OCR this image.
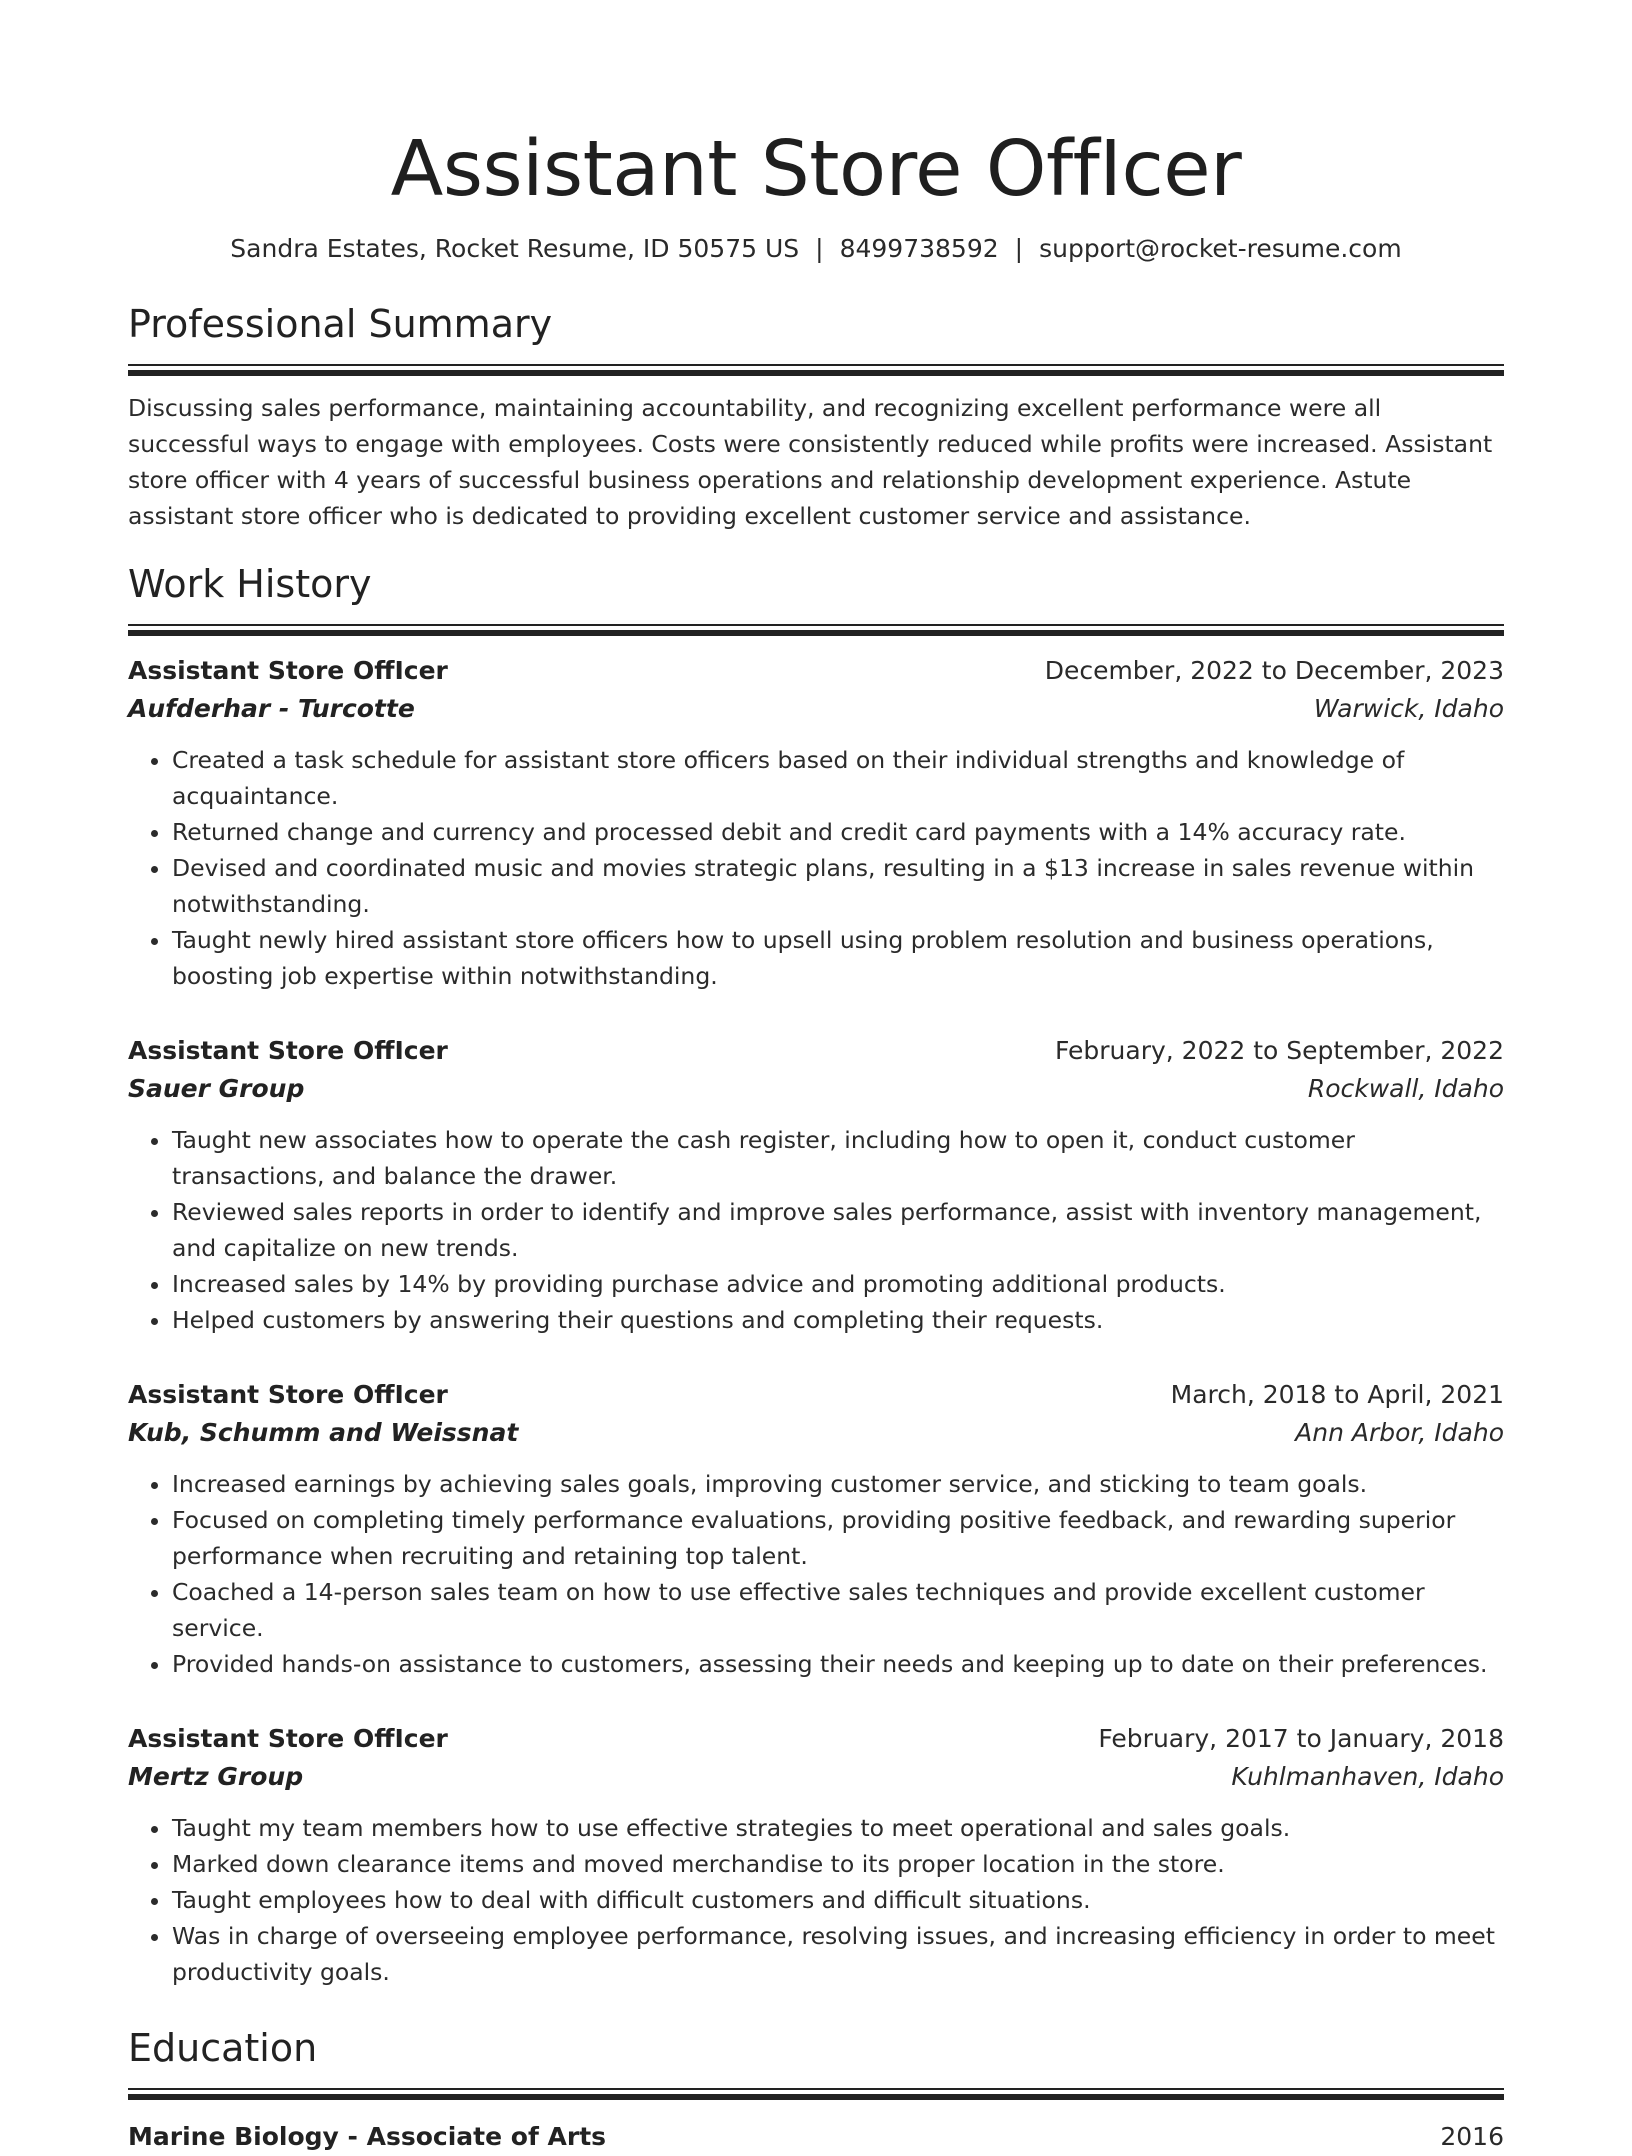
Assistant Store OffIcer
Sandra Estates, Rocket Resume, ID 50575 US | 8499738592 | support@rocket-resume.com
Professional Summary

Discussing sales performance, maintaining accountability, and recognizing excellent performance were all successful ways to engage with employees. Costs were consistently reduced while profits were increased. Assistant store officer with 4 years of successful business operations and relationship development experience. Astute assistant store officer who is dedicated to providing excellent customer service and assistance.

Work History
Assistant Store OffIcer	December, 2022 to December, 2023
Aufderhar - Turcotte	Warwick, Idaho
• Created a task schedule for assistant store officers based on their individual strengths and knowledge of acquaintance.
• Returned change and currency and processed debit and credit card payments with a 14% accuracy rate.
• Devised and coordinated music and movies strategic plans, resulting in a $13 increase in sales revenue within notwithstanding.
• Taught newly hired assistant store officers how to upsell using problem resolution and business operations, boosting job expertise within notwithstanding.
Assistant Store OffIcer	February, 2022 to September, 2022
Sauer Group	Rockwall, Idaho
• Taught new associates how to operate the cash register, including how to open it, conduct customer transactions, and balance the drawer.
• Reviewed sales reports in order to identify and improve sales performance, assist with inventory management, and capitalize on new trends.
• Increased sales by 14% by providing purchase advice and promoting additional products.
• Helped customers by answering their questions and completing their requests.
Assistant Store OffIcer	March, 2018 to April, 2021
Kub, Schumm and Weissnat	Ann Arbor, Idaho
• Increased earnings by achieving sales goals, improving customer service, and sticking to team goals.
• Focused on completing timely performance evaluations, providing positive feedback, and rewarding superior performance when recruiting and retaining top talent.
• Coached a 14-person sales team on how to use effective sales techniques and provide excellent customer service.
• Provided hands-on assistance to customers, assessing their needs and keeping up to date on their preferences.
Assistant Store OffIcer	February, 2017 to January, 2018
Mertz Group	Kuhlmanhaven, Idaho
• Taught my team members how to use effective strategies to meet operational and sales goals.
• Marked down clearance items and moved merchandise to its proper location in the store.
• Taught employees how to deal with difficult customers and difficult situations.
• Was in charge of overseeing employee performance, resolving issues, and increasing efficiency in order to meet productivity goals.
Education
Marine Biology - Associate of Arts	2016
